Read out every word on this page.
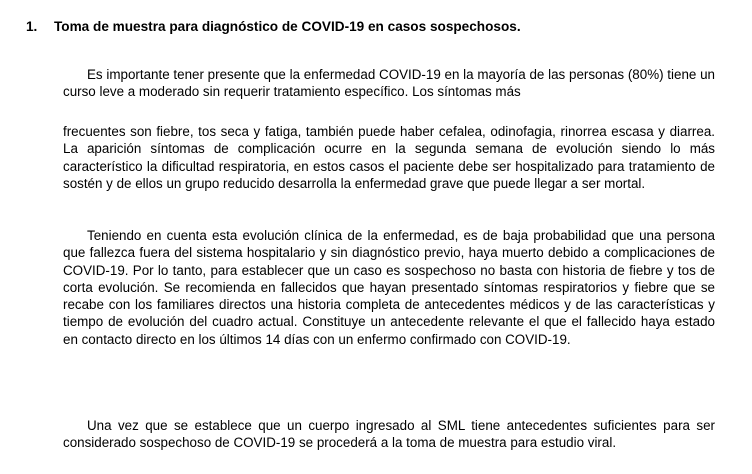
1. Toma de muestra para diagnóstico de COVID-19 en casos sospechosos.

Es importante tener presente que la enfermedad COVID-19 en la mayoría de las personas (80%) tiene un curso leve a moderado sin requerir tratamiento específico. Los síntomas más

frecuentes son fiebre, tos seca y fatiga, también puede haber cefalea, odinofagia, rinorrea escasa y diarrea. La aparición síntomas de complicación ocurre en la segunda semana de evolución siendo lo más característico la dificultad respiratoria, en estos casos el paciente debe ser hospitalizado para tratamiento de sostén y de ellos un grupo reducido desarrolla la enfermedad grave que puede llegar a ser mortal.

Teniendo en cuenta esta evolución clínica de la enfermedad, es de baja probabilidad que una persona que fallezca fuera del sistema hospitalario y sin diagnóstico previo, haya muerto debido a complicaciones de COVID-19. Por lo tanto, para establecer que un caso es sospechoso no basta con historia de fiebre y tos de corta evolución. Se recomienda en fallecidos que hayan presentado síntomas respiratorios y fiebre que se recabe con los familiares directos una historia completa de antecedentes médicos y de las características y tiempo de evolución del cuadro actual. Constituye un antecedente relevante el que el fallecido haya estado en contacto directo en los últimos 14 días con un enfermo confirmado con COVID-19.

Una vez que se establece que un cuerpo ingresado al SML tiene antecedentes suficientes para ser considerado sospechoso de COVID-19 se procederá a la toma de muestra para estudio viral.
